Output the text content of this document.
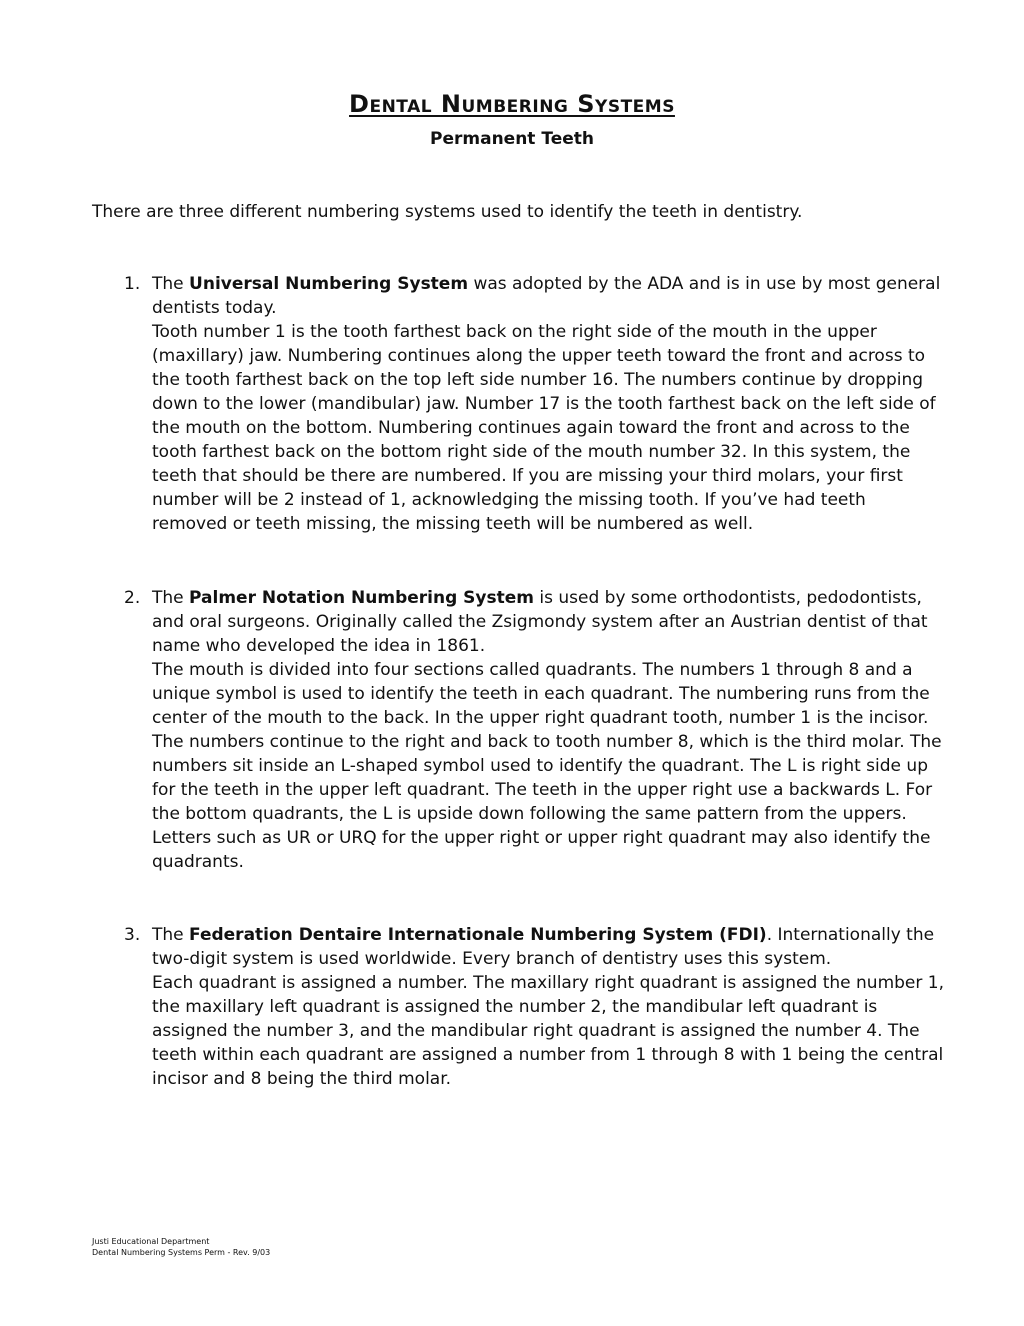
Dental Numbering Systems
Permanent Teeth
There are three different numbering systems used to identify the teeth in dentistry.
1. The Universal Numbering System was adopted by the ADA and is in use by most general dentists today.

Tooth number 1 is the tooth farthest back on the right side of the mouth in the upper (maxillary) jaw. Numbering continues along the upper teeth toward the front and across to the tooth farthest back on the top left side number 16. The numbers continue by dropping down to the lower (mandibular) jaw. Number 17 is the tooth farthest back on the left side of the mouth on the bottom. Numbering continues again toward the front and across to the tooth farthest back on the bottom right side of the mouth number 32. In this system, the teeth that should be there are numbered. If you are missing your third molars, your first number will be 2 instead of 1, acknowledging the missing tooth. If you’ve had teeth removed or teeth missing, the missing teeth will be numbered as well.

2. The Palmer Notation Numbering System is used by some orthodontists, pedodontists, and oral surgeons. Originally called the Zsigmondy system after an Austrian dentist of that name who developed the idea in 1861.

The mouth is divided into four sections called quadrants. The numbers 1 through 8 and a unique symbol is used to identify the teeth in each quadrant. The numbering runs from the center of the mouth to the back. In the upper right quadrant tooth, number 1 is the incisor. The numbers continue to the right and back to tooth number 8, which is the third molar. The numbers sit inside an L-shaped symbol used to identify the quadrant. The L is right side up for the teeth in the upper left quadrant. The teeth in the upper right use a backwards L. For the bottom quadrants, the L is upside down following the same pattern from the uppers. Letters such as UR or URQ for the upper right or upper right quadrant may also identify the quadrants.

3. The Federation Dentaire Internationale Numbering System (FDI). Internationally the two-digit system is used worldwide. Every branch of dentistry uses this system.

Each quadrant is assigned a number. The maxillary right quadrant is assigned the number 1, the maxillary left quadrant is assigned the number 2, the mandibular left quadrant is assigned the number 3, and the mandibular right quadrant is assigned the number 4. The teeth within each quadrant are assigned a number from 1 through 8 with 1 being the central incisor and 8 being the third molar.

Justi Educational Department
Dental Numbering Systems Perm - Rev. 9/03
